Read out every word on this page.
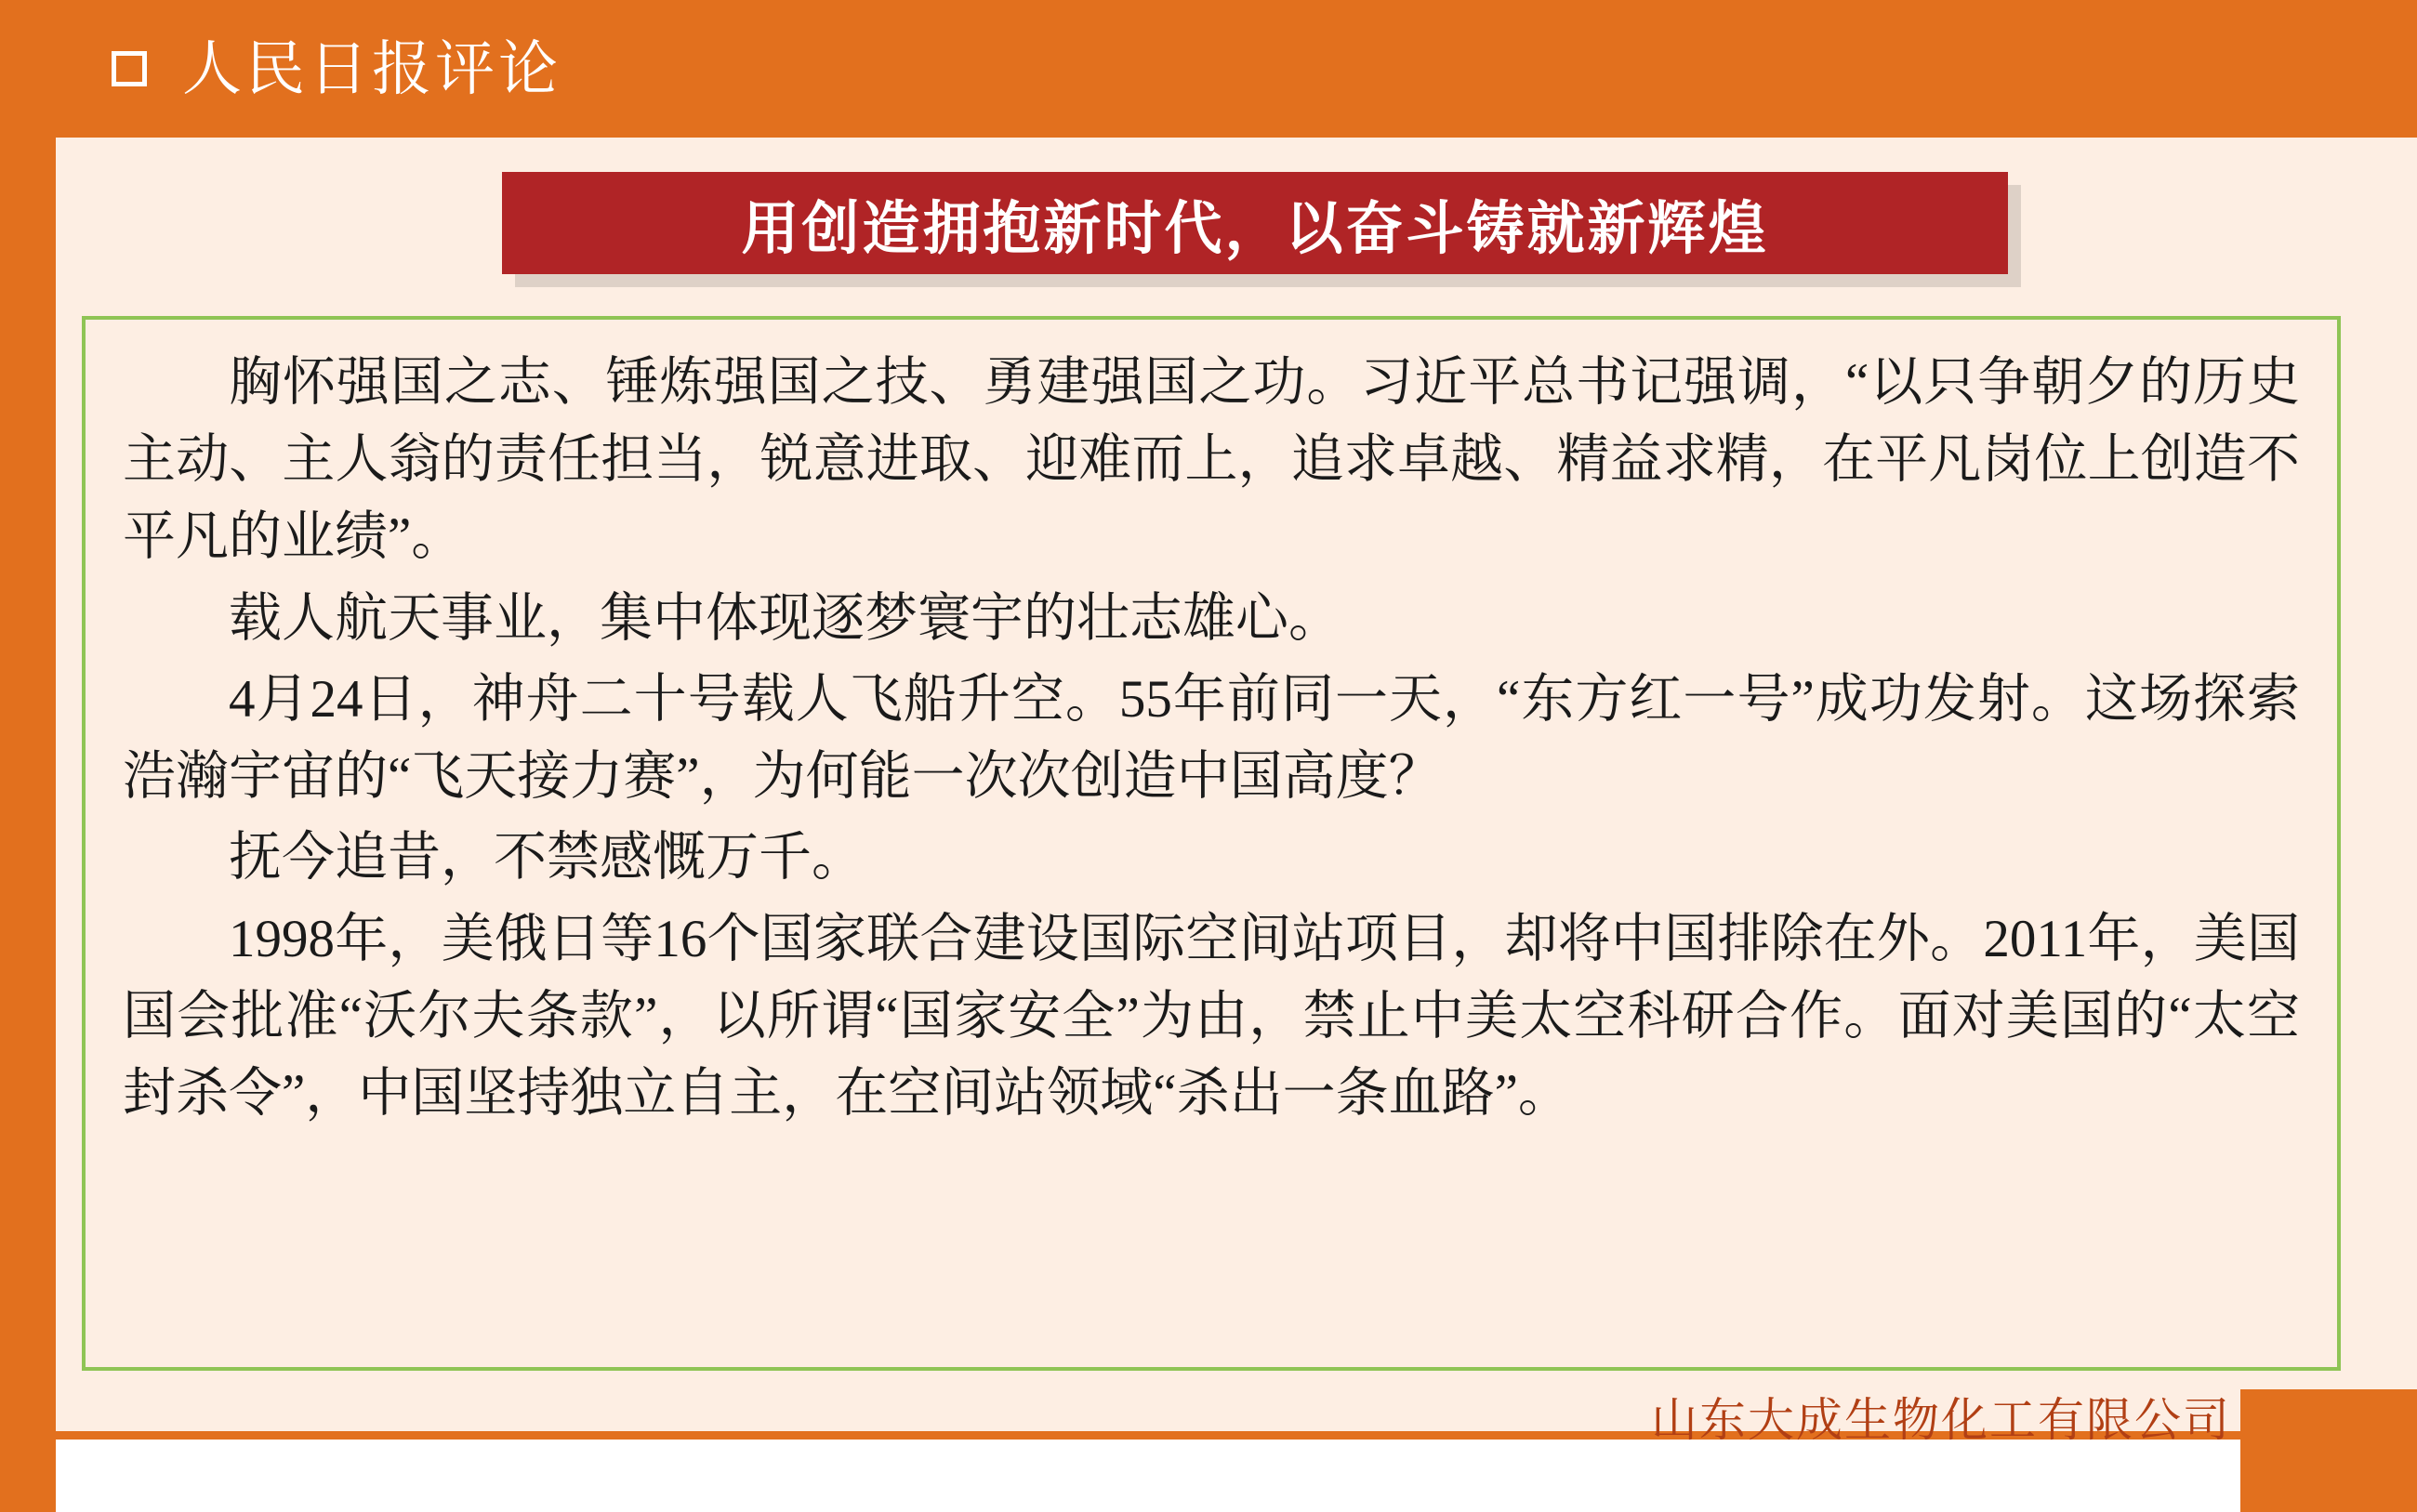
人民日报评论
用创造拥抱新时代，以奋斗铸就新辉煌

胸怀强国之志、锤炼强国之技、勇建强国之功。习近平总书记强调，“以只争朝夕的历史主动、主人翁的责任担当，锐意进取、迎难而上，追求卓越、精益求精，在平凡岗位上创造不平凡的业绩”。

载人航天事业，集中体现逐梦寰宇的壮志雄心。

4月24日，神舟二十号载人飞船升空。55年前同一天，“东方红一号”成功发射。这场探索浩瀚宇宙的“飞天接力赛”，为何能一次次创造中国高度？

抚今追昔，不禁感慨万千。

1998年，美俄日等16个国家联合建设国际空间站项目，却将中国排除在外。2011年，美国国会批准“沃尔夫条款”，以所谓“国家安全”为由，禁止中美太空科研合作。面对美国的“太空封杀令”，中国坚持独立自主，在空间站领域“杀出一条血路”。

山东大成生物化工有限公司
